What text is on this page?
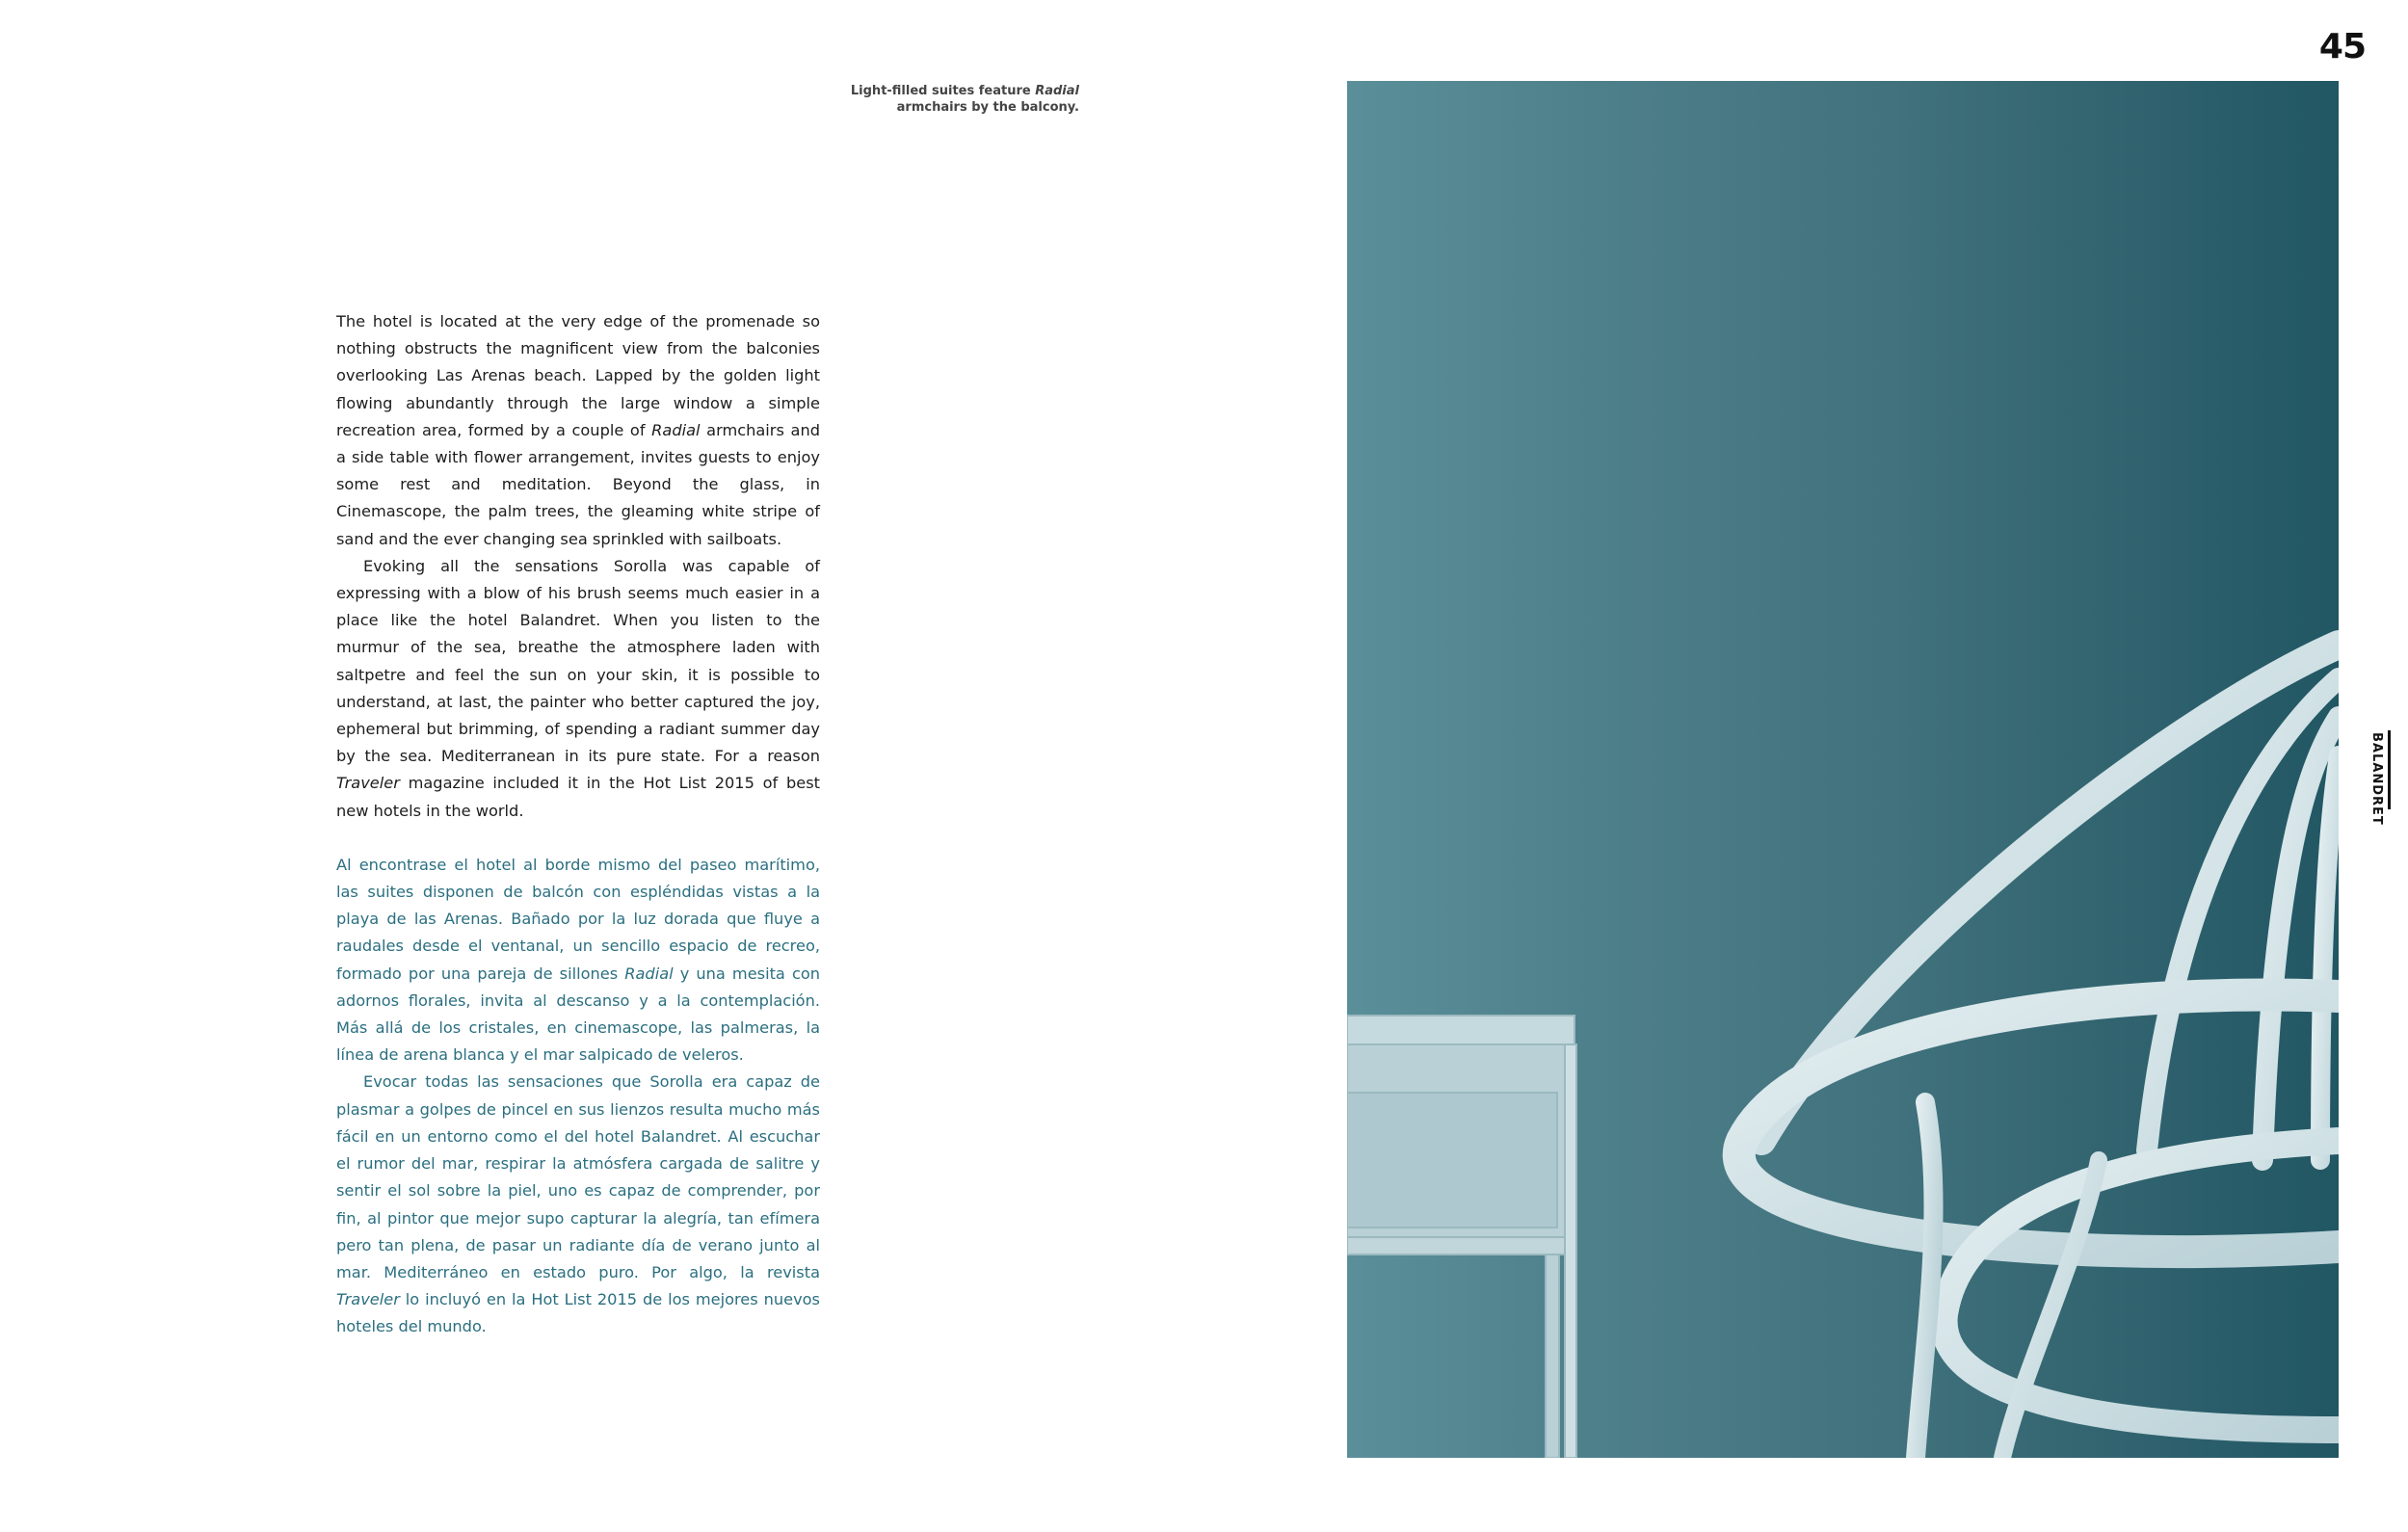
45
Light-filled suites feature Radial
armchairs by the balcony.

The hotel is located at the very edge of the promenade so nothing obstructs the magnificent view from the balconies overlooking Las Arenas beach. Lapped by the golden light flowing abundantly through the large window a simple recreation area, formed by a couple of Radial armchairs and a side table with flower arrangement, invites guests to enjoy some rest and meditation. Beyond the glass, in Cinemascope, the palm trees, the gleaming white stripe of sand and the ever changing sea sprinkled with sailboats.

Evoking all the sensations Sorolla was capable of expressing with a blow of his brush seems much easier in a place like the hotel Balandret. When you listen to the murmur of the sea, breathe the atmosphere laden with saltpetre and feel the sun on your skin, it is possible to understand, at last, the painter who better captured the joy, ephemeral but brimming, of spending a radiant summer day by the sea. Mediterranean in its pure state. For a reason Traveler magazine included it in the Hot List 2015 of best new hotels in the world.

Al encontrase el hotel al borde mismo del paseo marítimo, las suites disponen de balcón con espléndidas vistas a la playa de las Arenas. Bañado por la luz dorada que fluye a raudales desde el ventanal, un sencillo espacio de recreo, formado por una pareja de sillones Radial y una mesita con adornos florales, invita al descanso y a la contemplación. Más allá de los cristales, en cinemascope, las palmeras, la línea de arena blanca y el mar salpicado de veleros.

Evocar todas las sensaciones que Sorolla era capaz de plasmar a golpes de pincel en sus lienzos resulta mucho más fácil en un entorno como el del hotel Balandret. Al escuchar el rumor del mar, respirar la atmósfera cargada de salitre y sentir el sol sobre la piel, uno es capaz de comprender, por fin, al pintor que mejor supo capturar la alegría, tan efímera pero tan plena, de pasar un radiante día de verano junto al mar. Mediterráneo en estado puro. Por algo, la revista Traveler lo incluyó en la Hot List 2015 de los mejores nuevos hoteles del mundo.

BALANDRET
